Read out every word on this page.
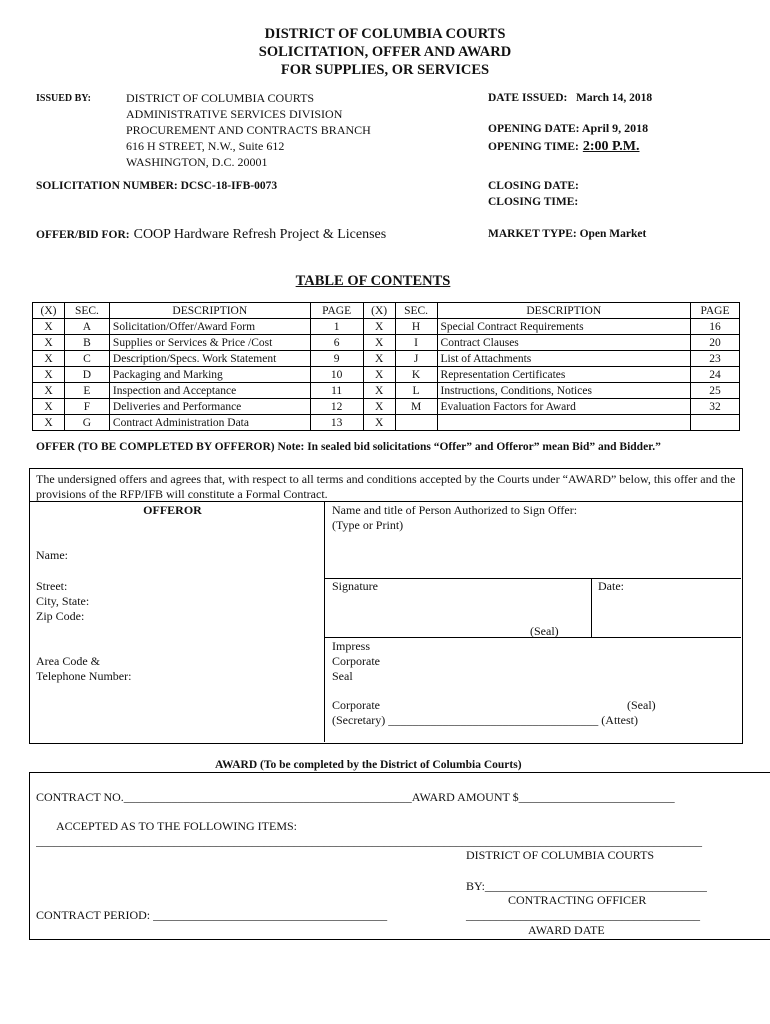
DISTRICT OF COLUMBIA COURTS
SOLICITATION, OFFER AND AWARD
FOR SUPPLIES, OR SERVICES
ISSUED BY:	DISTRICT OF COLUMBIA COURTS
ADMINISTRATIVE SERVICES DIVISION
PROCUREMENT AND CONTRACTS BRANCH
616 H STREET, N.W., Suite 612
WASHINGTON, D.C. 20001
DATE ISSUED: March 14, 2018
OPENING DATE: April 9, 2018
OPENING TIME: 2:00 P.M.
SOLICITATION NUMBER: DCSC-18-IFB-0073	CLOSING DATE:
CLOSING TIME:
OFFER/BID FOR: COOP Hardware Refresh Project & Licenses	MARKET TYPE: Open Market
TABLE OF CONTENTS
(X)	SEC.	DESCRIPTION	PAGE	(X)	SEC.	DESCRIPTION	PAGE
X	A	Solicitation/Offer/Award Form	1	X	H	Special Contract Requirements	16
X	B	Supplies or Services & Price /Cost	6	X	I	Contract Clauses	20
X	C	Description/Specs. Work Statement	9	X	J	List of Attachments	23
X	D	Packaging and Marking	10	X	K	Representation Certificates	24
X	E	Inspection and Acceptance	11	X	L	Instructions, Conditions, Notices	25
X	F	Deliveries and Performance	12	X	M	Evaluation Factors for Award	32
X	G	Contract Administration Data	13	X			
OFFER (TO BE COMPLETED BY OFFEROR) Note: In sealed bid solicitations “Offer” and Offeror” mean Bid” and Bidder.”
The undersigned offers and agrees that, with respect to all terms and conditions accepted by the Courts under “AWARD” below, this offer and the provisions of the RFP/IFB will constitute a Formal Contract.
OFFEROR
Name:
Street:
City, State:
Zip Code:
Area Code &
Telephone Number:
Name and title of Person Authorized to Sign Offer:
(Type or Print)
Signature	Date:
(Seal)
Impress
Corporate
Seal
Corporate	(Seal)
(Secretary) ___________________________________ (Attest)
AWARD (To be completed by the District of Columbia Courts)
CONTRACT NO.________________________________________________AWARD AMOUNT $__________________________
ACCEPTED AS TO THE FOLLOWING ITEMS:
_______________________________________________________________________________________________________________
DISTRICT OF COLUMBIA COURTS
BY:_____________________________________
CONTRACTING OFFICER
CONTRACT PERIOD: _______________________________________	_______________________________________
AWARD DATE
